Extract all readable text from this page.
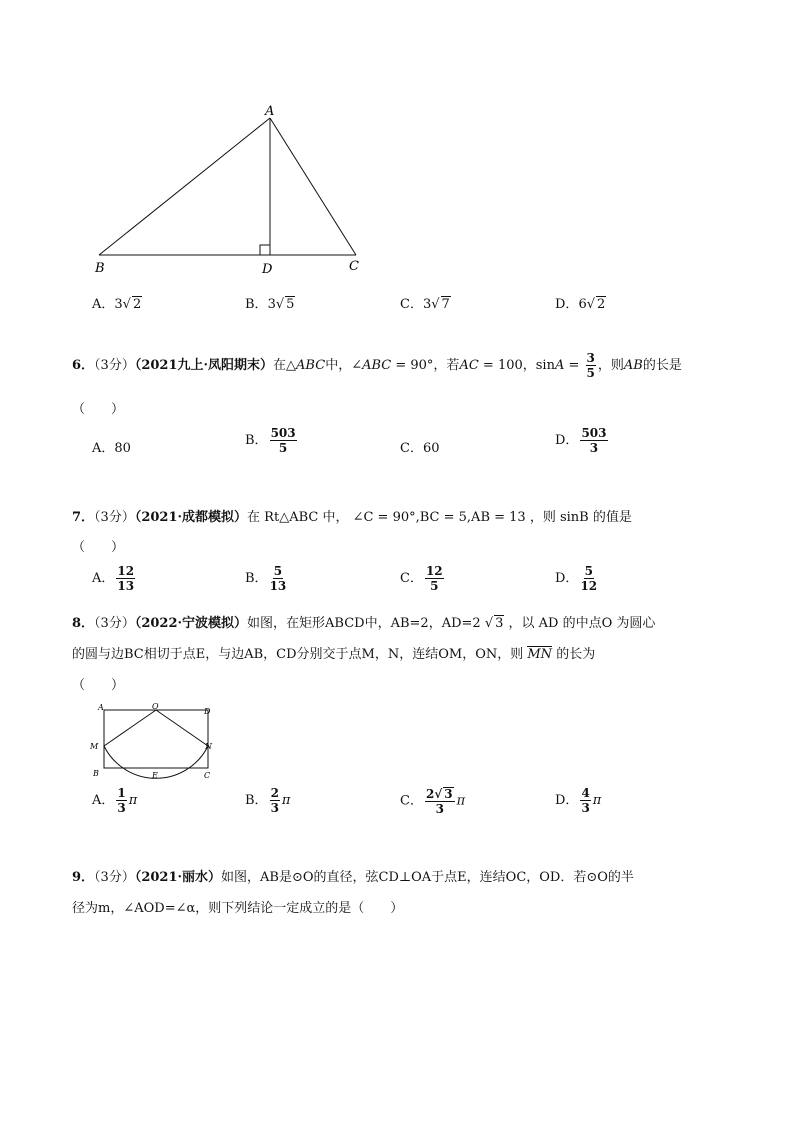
A
B	D	C
A．3√ 2	B．3√ 5	C．3√ 7	D．6√ 2
6．（3分）（2021九上·凤阳期末）在△ABC中，∠ABC = 90°，若AC = 100，$\sin A = \frac{3}{5}$ ，则AB的长是
（　　）
A．80
B． $\frac{503}{5}$	C．60
D． $\frac{503}{3}$
7．（3分）（2021·成都模拟）在 Rt△ABC 中， ∠C = 90°,BC = 5,AB = 13 ，则 sinB 的值是
（　　）
A． $\frac{12}{13}$	B． $\frac{5}{13}$	C． $\frac{12}{5}$	D． $\frac{5}{12}$
8．（3分）（2022·宁波模拟）如图，在矩形ABCD中，AB=2，AD=2 √ 3 ，以 AD 的中点O 为圆心
的圆与边BC相切于点E，与边AB，CD分别交于点M，N，连结OM，ON，则 MN 的长为
（　　）
A	O
D
M	N
B	E	C
A． $\frac{1}{3}$ π	B． $\frac{2}{3}$ π	C． $\frac{2√ 3}{3}$ π	D． $\frac{4}{3}$ π
9．（3分）（2021·丽水）如图，AB是⊙O的直径，弦CD⊥OA于点E，连结OC，OD．若⊙O的半
径为m，∠AOD=∠α，则下列结论一定成立的是（　　）
